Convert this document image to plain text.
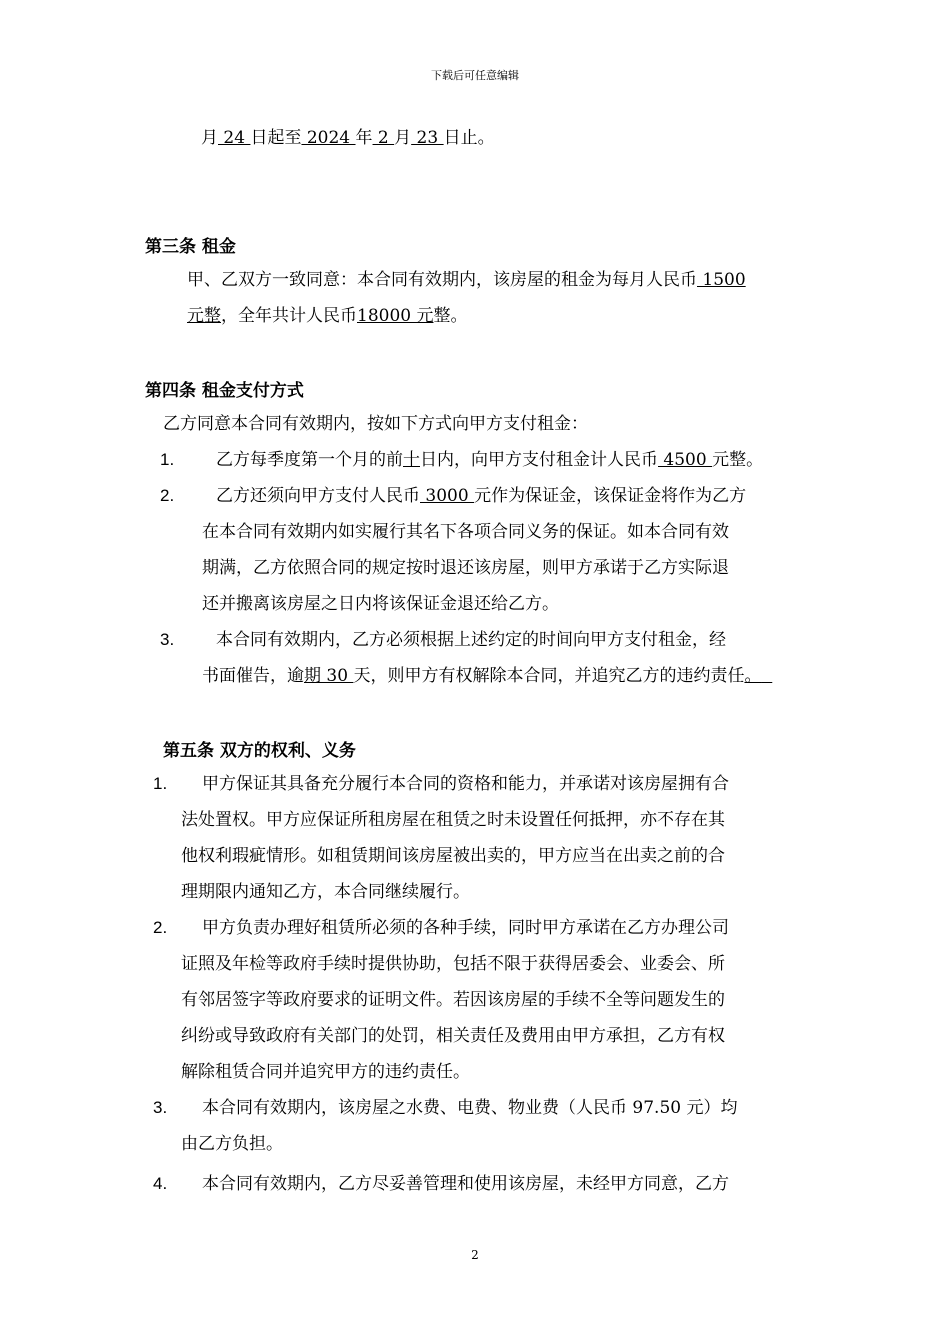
下载后可任意编辑
月 24 日起至 2024 年 2 月 23 日止。
第三条 租金
甲、乙双方一致同意：本合同有效期内，该房屋的租金为每月人民币 1500
元整，全年共计人民币18000 元整。
第四条 租金支付方式
乙方同意本合同有效期内，按如下方式向甲方支付租金：
1. 乙方每季度第一个月的前十日内，向甲方支付租金计人民币 4500 元整。
2. 乙方还须向甲方支付人民币 3000 元作为保证金，该保证金将作为乙方
在本合同有效期内如实履行其名下各项合同义务的保证。如本合同有效
期满，乙方依照合同的规定按时退还该房屋，则甲方承诺于乙方实际退
还并搬离该房屋之日内将该保证金退还给乙方。
3. 本合同有效期内，乙方必须根据上述约定的时间向甲方支付租金，经
书面催告，逾期 30 天，则甲方有权解除本合同，并追究乙方的违约责任。
第五条 双方的权利、义务
1. 甲方保证其具备充分履行本合同的资格和能力，并承诺对该房屋拥有合
法处置权。甲方应保证所租房屋在租赁之时未设置任何抵押，亦不存在其
他权利瑕疵情形。如租赁期间该房屋被出卖的，甲方应当在出卖之前的合
理期限内通知乙方，本合同继续履行。
2. 甲方负责办理好租赁所必须的各种手续，同时甲方承诺在乙方办理公司
证照及年检等政府手续时提供协助，包括不限于获得居委会、业委会、所
有邻居签字等政府要求的证明文件。若因该房屋的手续不全等问题发生的
纠纷或导致政府有关部门的处罚，相关责任及费用由甲方承担，乙方有权
解除租赁合同并追究甲方的违约责任。
3. 本合同有效期内，该房屋之水费、电费、物业费（人民币 97.50 元）均
由乙方负担。
4. 本合同有效期内，乙方尽妥善管理和使用该房屋，未经甲方同意，乙方
2
